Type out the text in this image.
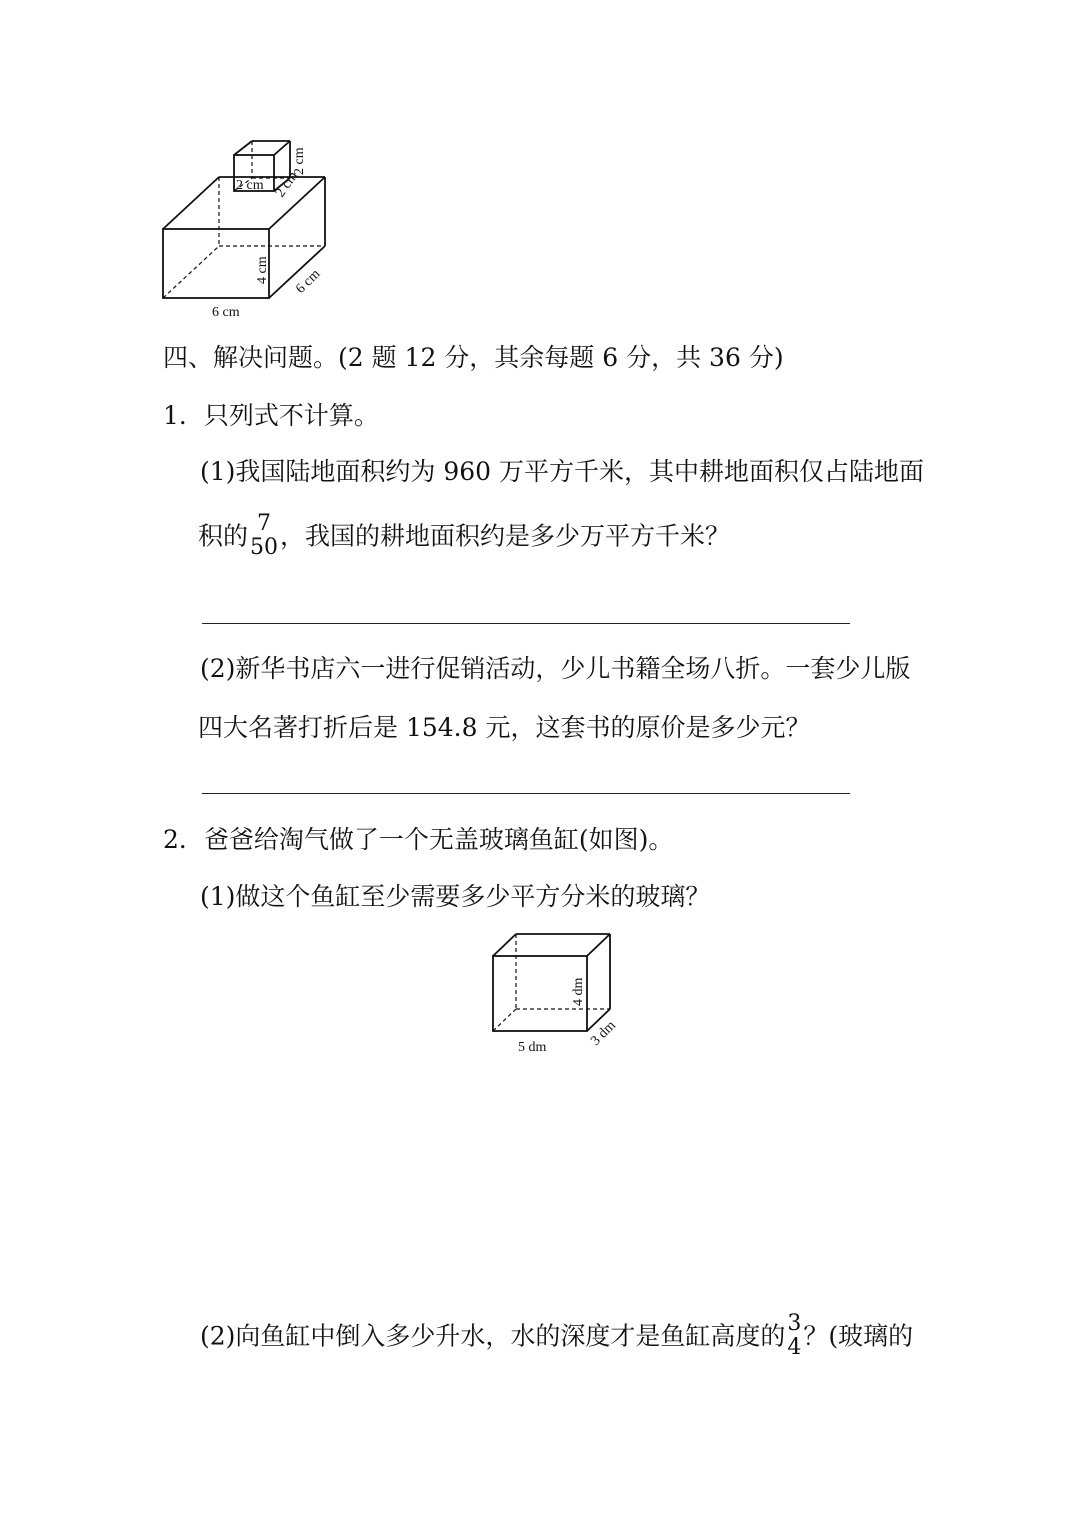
2 cm
2 cm
2 cm
4 cm
6 cm
6 cm
四、解决问题。(2 题 12 分，其余每题 6 分，共 36 分)
1．只列式不计算。
(1)我国陆地面积约为 960 万平方千米，其中耕地面积仅占陆地面
积的 7
50 ，我国的耕地面积约是多少万平方千米？
(2)新华书店六一进行促销活动，少儿书籍全场八折。一套少儿版
四大名著打折后是 154.8 元，这套书的原价是多少元？
2．爸爸给淘气做了一个无盖玻璃鱼缸(如图)。
(1)做这个鱼缸至少需要多少平方分米的玻璃？
4 dm
5 dm	3 dm
(2)向鱼缸中倒入多少升水，水的深度才是鱼缸高度的 3
4 ？(玻璃的
